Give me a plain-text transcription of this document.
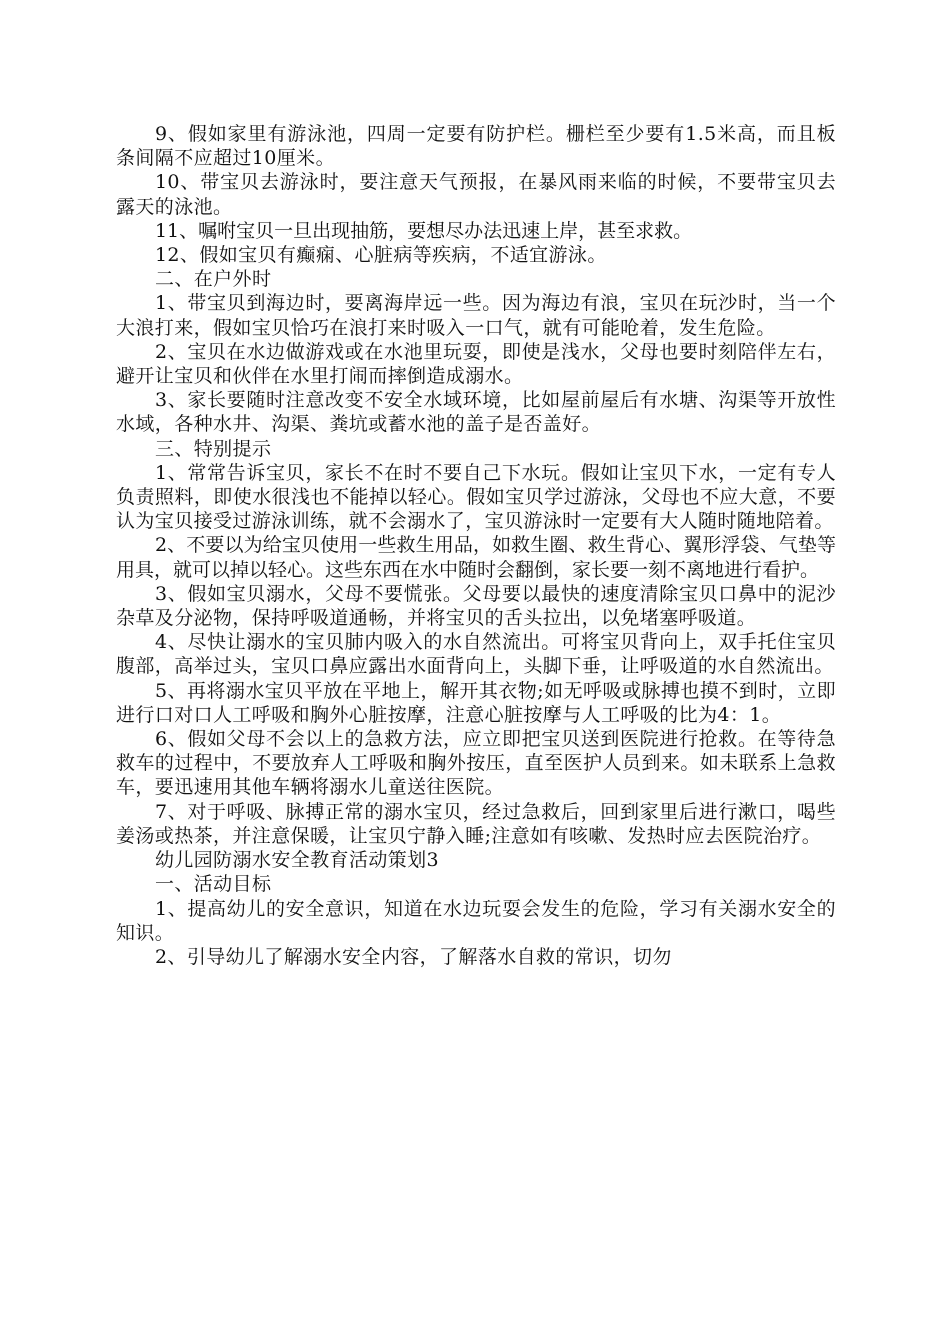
9、假如家里有游泳池，四周一定要有防护栏。栅栏至少要有1.5米高，而且板条间隔不应超过10厘米。

10、带宝贝去游泳时，要注意天气预报，在暴风雨来临的时候，不要带宝贝去露天的泳池。

11、嘱咐宝贝一旦出现抽筋，要想尽办法迅速上岸，甚至求救。

12、假如宝贝有癫痫、心脏病等疾病，不适宜游泳。

二、在户外时

1、带宝贝到海边时，要离海岸远一些。因为海边有浪，宝贝在玩沙时，当一个大浪打来，假如宝贝恰巧在浪打来时吸入一口气，就有可能呛着，发生危险。

2、宝贝在水边做游戏或在水池里玩耍，即使是浅水，父母也要时刻陪伴左右，避开让宝贝和伙伴在水里打闹而摔倒造成溺水。

3、家长要随时注意改变不安全水域环境，比如屋前屋后有水塘、沟渠等开放性水域，各种水井、沟渠、粪坑或蓄水池的盖子是否盖好。

三、特别提示

1、常常告诉宝贝，家长不在时不要自己下水玩。假如让宝贝下水，一定有专人负责照料，即使水很浅也不能掉以轻心。假如宝贝学过游泳，父母也不应大意，不要认为宝贝接受过游泳训练，就不会溺水了，宝贝游泳时一定要有大人随时随地陪着。

2、不要以为给宝贝使用一些救生用品，如救生圈、救生背心、翼形浮袋、气垫等用具，就可以掉以轻心。这些东西在水中随时会翻倒，家长要一刻不离地进行看护。

3、假如宝贝溺水，父母不要慌张。父母要以最快的速度清除宝贝口鼻中的泥沙杂草及分泌物，保持呼吸道通畅，并将宝贝的舌头拉出，以免堵塞呼吸道。

4、尽快让溺水的宝贝肺内吸入的水自然流出。可将宝贝背向上，双手托住宝贝腹部，高举过头，宝贝口鼻应露出水面背向上，头脚下垂，让呼吸道的水自然流出。

5、再将溺水宝贝平放在平地上，解开其衣物;如无呼吸或脉搏也摸不到时，立即进行口对口人工呼吸和胸外心脏按摩，注意心脏按摩与人工呼吸的比为4：1。

6、假如父母不会以上的急救方法，应立即把宝贝送到医院进行抢救。在等待急救车的过程中，不要放弃人工呼吸和胸外按压，直至医护人员到来。如未联系上急救车，要迅速用其他车辆将溺水儿童送往医院。

7、对于呼吸、脉搏正常的溺水宝贝，经过急救后，回到家里后进行漱口，喝些姜汤或热茶，并注意保暖，让宝贝宁静入睡;注意如有咳嗽、发热时应去医院治疗。

幼儿园防溺水安全教育活动策划3

一、活动目标

1、提高幼儿的安全意识，知道在水边玩耍会发生的危险，学习有关溺水安全的知识。

2、引导幼儿了解溺水安全内容，了解落水自救的常识，切勿
